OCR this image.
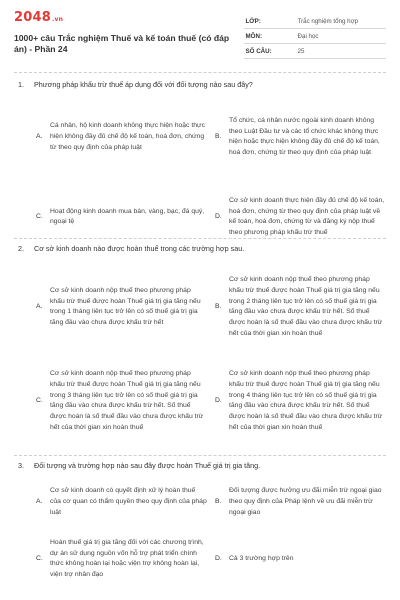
2048.vn
1000+ câu Trắc nghiệm Thuế và kế toán thuế (có đáp án) - Phần 24
LỚP:	Trắc nghiệm tổng hợp
MÔN:	Đại học
SỐ CÂU:	25
1.	Phương pháp khấu trừ thuế áp dụng đối với đối tượng nào sau đây?
A.
Cá nhân, hộ kinh doanh không thực hiện hoặc thực hiện không đầy đủ chế độ kế toán, hoá đơn, chứng từ theo quy định của pháp luật
B.
Tổ chức, cá nhân nước ngoài kinh doanh không theo Luật Đầu tư và các tổ chức khác không thực hiện hoặc thực hiện không đầy đủ chế độ kế toán, hoá đơn, chứng từ theo quy định của pháp luật
C.
Hoạt động kinh doanh mua bán, vàng, bạc, đá quý, ngoại tệ
D.
Cơ sở kinh doanh thực hiện đầy đủ chế độ kế toán, hoá đơn, chứng từ theo quy định của pháp luật về kế toán, hoá đơn, chứng từ và đăng ký nộp thuế theo phương pháp khấu trừ thuế
2.	Cơ sở kinh doanh nào được hoàn thuế trong các trường hợp sau.
A.
Cơ sở kinh doanh nộp thuế theo phương pháp khấu trừ thuế được hoàn Thuế giá trị gia tăng nếu trong 1 tháng liên tục trở lên có số thuế giá trị gia tăng đầu vào chưa được khấu trừ hết
B.
Cơ sở kinh doanh nộp thuế theo phương pháp khấu trừ thuế được hoàn Thuế giá trị gia tăng nếu trong 2 tháng liên tục trở lên có số thuế giá trị gia tăng đầu vào chưa được khấu trừ hết. Số thuế được hoàn là số thuế đầu vào chưa được khấu trừ hết của thời gian xin hoàn thuế
C.
Cơ sở kinh doanh nộp thuế theo phương pháp khấu trừ thuế được hoàn Thuế giá trị gia tăng nếu trong 3 tháng liên tục trở lên có số thuế giá trị gia tăng đầu vào chưa được khấu trừ hết. Số thuế được hoàn là số thuế đầu vào chưa được khấu trừ hết của thời gian xin hoàn thuế
D.
Cơ sở kinh doanh nộp thuế theo phương pháp khấu trừ thuế được hoàn Thuế giá trị gia tăng nếu trong 4 tháng liên tục trở lên có số thuế giá trị gia tăng đầu vào chưa được khấu trừ hết. Số thuế được hoàn là số thuế đầu vào chưa được khấu trừ hết của thời gian xin hoàn thuế
3.	Đối tượng và trường hợp nào sau đây được hoàn Thuế giá trị gia tăng.
A.
Cơ sở kinh doanh có quyết định xử lý hoàn thuế của cơ quan có thẩm quyền theo quy định của pháp luật
B.
Đối tượng được hưởng ưu đãi miễn trừ ngoại giao theo quy định của Pháp lệnh về ưu đãi miễn trừ ngoại giao
C.
Hoàn thuế giá trị gia tăng đối với các chương trình, dự án sử dụng nguồn vốn hỗ trợ phát triển chính thức không hoàn lại hoặc viện trợ không hoàn lại, viện trợ nhân đạo
D.	Cả 3 trường hợp trên
